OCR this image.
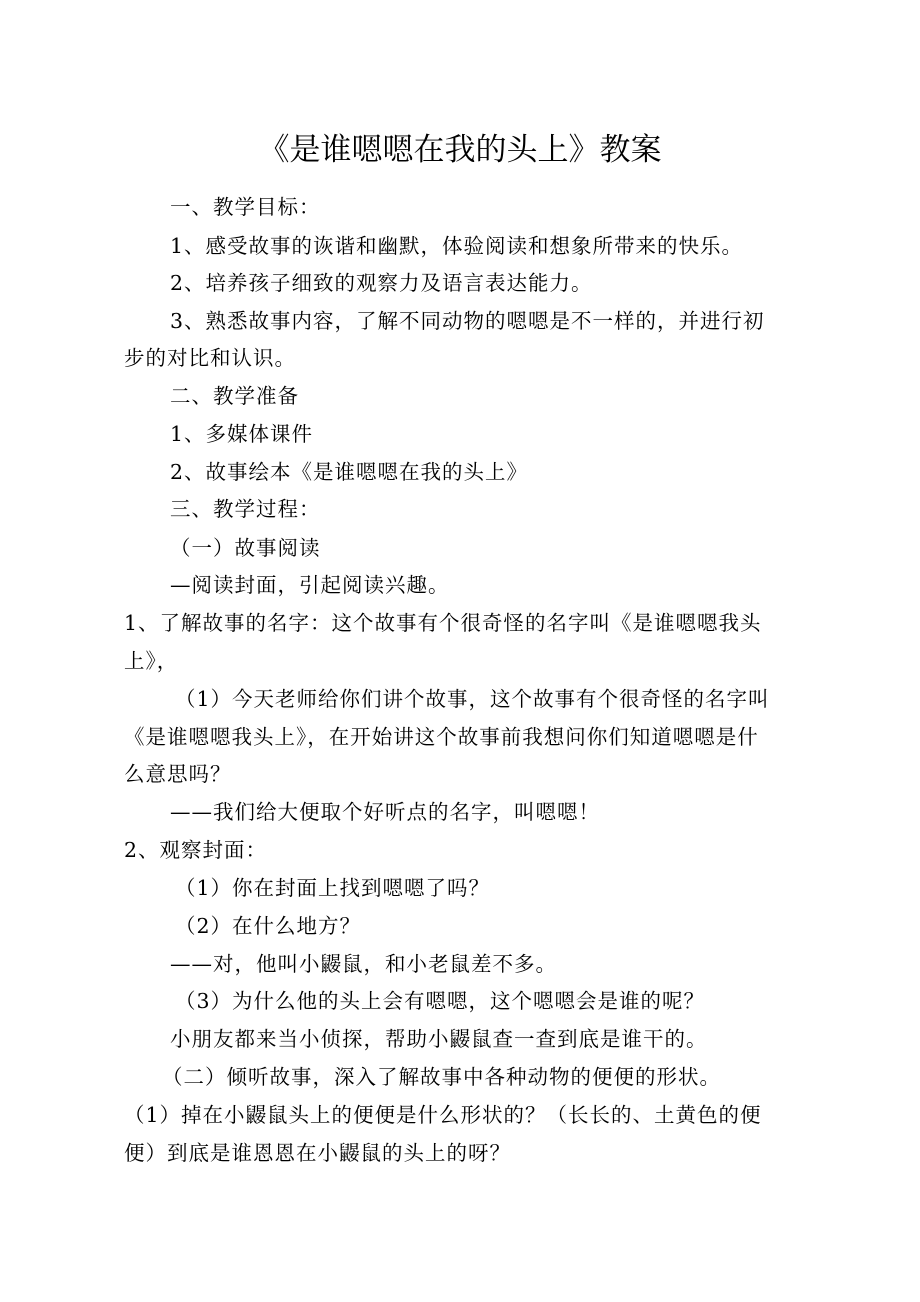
《是谁嗯嗯在我的头上》教案
一、教学目标：
1、感受故事的诙谐和幽默，体验阅读和想象所带来的快乐。
2、培养孩子细致的观察力及语言表达能力。
3、熟悉故事内容，了解不同动物的嗯嗯是不一样的，并进行初
步的对比和认识。
二、教学准备
1、多媒体课件
2、故事绘本《是谁嗯嗯在我的头上》
三、教学过程：
（一）故事阅读
—阅读封面，引起阅读兴趣。
1、了解故事的名字：这个故事有个很奇怪的名字叫《是谁嗯嗯我头
上》，
（1）今天老师给你们讲个故事，这个故事有个很奇怪的名字叫
《是谁嗯嗯我头上》，在开始讲这个故事前我想问你们知道嗯嗯是什
么意思吗？
——我们给大便取个好听点的名字，叫嗯嗯！
2、观察封面：
（1）你在封面上找到嗯嗯了吗？
（2）在什么地方？
——对，他叫小鼹鼠，和小老鼠差不多。
（3）为什么他的头上会有嗯嗯，这个嗯嗯会是谁的呢？
小朋友都来当小侦探，帮助小鼹鼠查一查到底是谁干的。
（二）倾听故事，深入了解故事中各种动物的便便的形状。
（1）掉在小鼹鼠头上的便便是什么形状的？（长长的、土黄色的便
便）到底是谁恩恩在小鼹鼠的头上的呀？
